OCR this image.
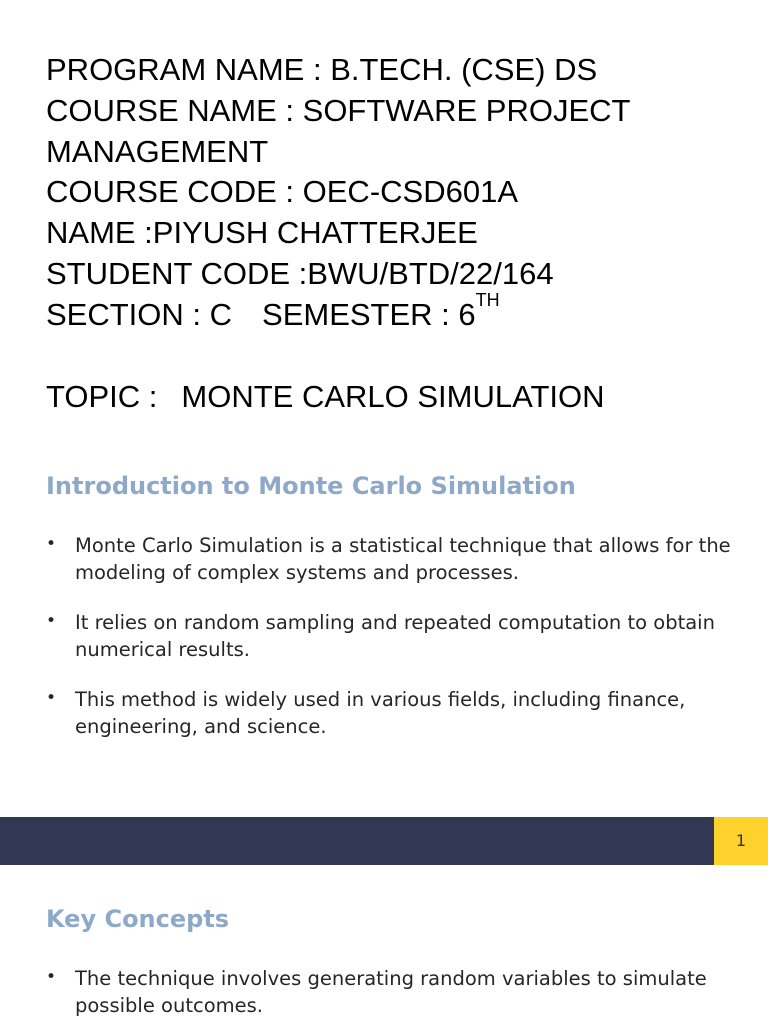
PROGRAM NAME : B.TECH. (CSE) DS
COURSE NAME : SOFTWARE PROJECT
MANAGEMENT
COURSE CODE : OEC-CSD601A
NAME :PIYUSH CHATTERJEE
STUDENT CODE :BWU/BTD/22/164
SECTION : C SEMESTER : 6TH
TOPIC : MONTE CARLO SIMULATION
Introduction to Monte Carlo Simulation
• Monte Carlo Simulation is a statistical technique that allows for the modeling of complex systems and processes.
• It relies on random sampling and repeated computation to obtain numerical results.
• This method is widely used in various fields, including finance, engineering, and science.
1
Key Concepts
• The technique involves generating random variables to simulate possible outcomes.
